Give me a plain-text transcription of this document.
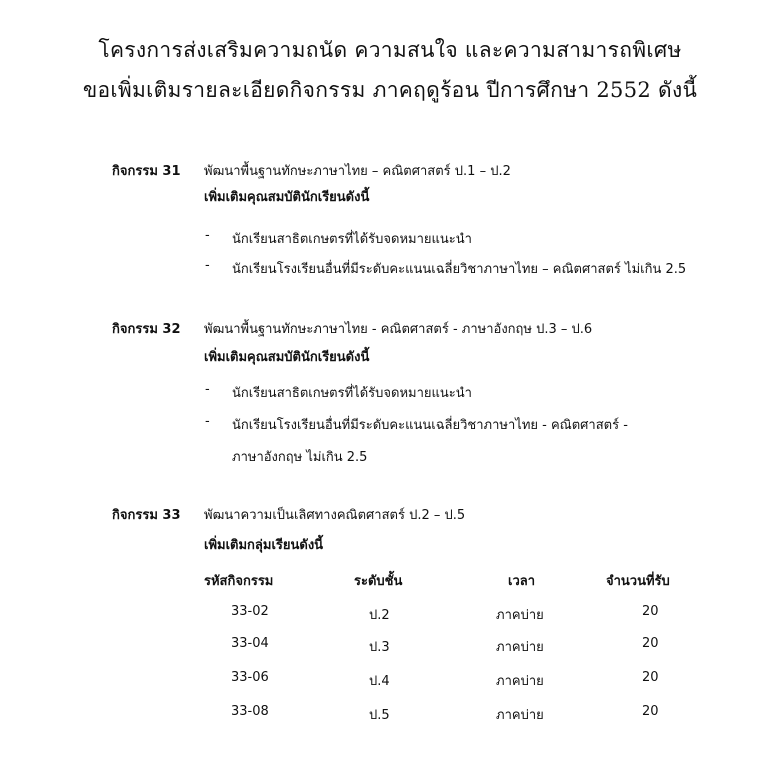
โครงการส่งเสริมความถนัด ความสนใจ และความสามารถพิเศษ
ขอเพิ่มเติมรายละเอียดกิจกรรม ภาคฤดูร้อน ปีการศึกษา 2552 ดังนี้
กิจกรรม 31 พัฒนาพื้นฐานทักษะภาษาไทย – คณิตศาสตร์ ป.1 – ป.2
เพิ่มเติมคุณสมบัตินักเรียนดังนี้
- นักเรียนสาธิตเกษตรที่ได้รับจดหมายแนะนำ
- นักเรียนโรงเรียนอื่นที่มีระดับคะแนนเฉลี่ยวิชาภาษาไทย – คณิตศาสตร์ ไม่เกิน 2.5
กิจกรรม 32 พัฒนาพื้นฐานทักษะภาษาไทย - คณิตศาสตร์ - ภาษาอังกฤษ ป.3 – ป.6
เพิ่มเติมคุณสมบัตินักเรียนดังนี้
- นักเรียนสาธิตเกษตรที่ได้รับจดหมายแนะนำ
- นักเรียนโรงเรียนอื่นที่มีระดับคะแนนเฉลี่ยวิชาภาษาไทย - คณิตศาสตร์ -
ภาษาอังกฤษ ไม่เกิน 2.5
กิจกรรม 33 พัฒนาความเป็นเลิศทางคณิตศาสตร์ ป.2 – ป.5
เพิ่มเติมกลุ่มเรียนดังนี้
รหัสกิจกรรม	ระดับชั้น	เวลา	จำนวนที่รับ
33-02	ป.2	ภาคบ่าย	20
33-04	ป.3	ภาคบ่าย	20
33-06	ป.4	ภาคบ่าย	20
33-08	ป.5	ภาคบ่าย	20
